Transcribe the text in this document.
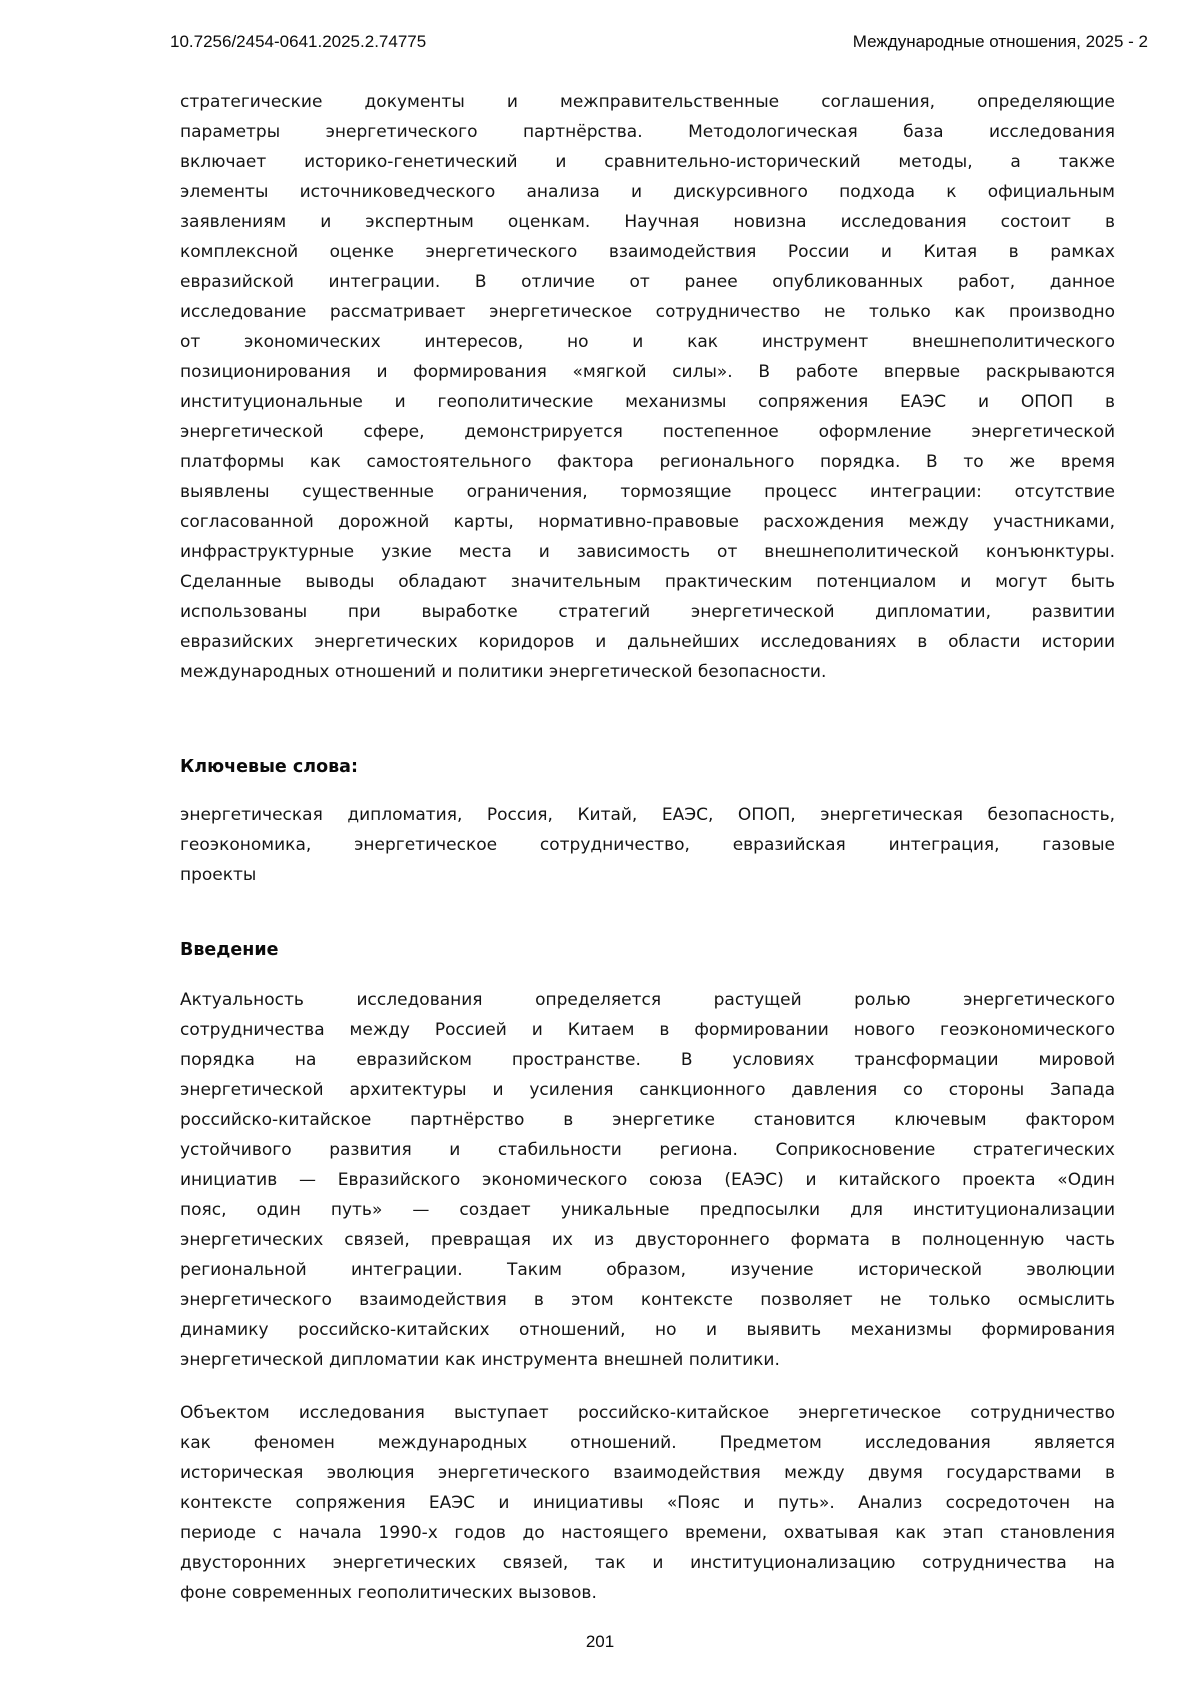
10.7256/2454-0641.2025.2.74775	Международные отношения, 2025 - 2
стратегические документы и межправительственные соглашения, определяющие
параметры энергетического партнёрства. Методологическая база исследования
включает историко-генетический и сравнительно-исторический методы, а также
элементы источниковедческого анализа и дискурсивного подхода к официальным
заявлениям и экспертным оценкам. Научная новизна исследования состоит в
комплексной оценке энергетического взаимодействия России и Китая в рамках
евразийской интеграции. В отличие от ранее опубликованных работ, данное
исследование рассматривает энергетическое сотрудничество не только как производно
от экономических интересов, но и как инструмент внешнеполитического
позиционирования и формирования «мягкой силы». В работе впервые раскрываются
институциональные и геополитические механизмы сопряжения ЕАЭС и ОПОП в
энергетической сфере, демонстрируется постепенное оформление энергетической
платформы как самостоятельного фактора регионального порядка. В то же время
выявлены существенные ограничения, тормозящие процесс интеграции: отсутствие
согласованной дорожной карты, нормативно-правовые расхождения между участниками,
инфраструктурные узкие места и зависимость от внешнеполитической конъюнктуры.
Сделанные выводы обладают значительным практическим потенциалом и могут быть
использованы при выработке стратегий энергетической дипломатии, развитии
евразийских энергетических коридоров и дальнейших исследованиях в области истории
международных отношений и политики энергетической безопасности.
Ключевые слова:
энергетическая дипломатия, Россия, Китай, ЕАЭС, ОПОП, энергетическая безопасность,
геоэкономика, энергетическое сотрудничество, евразийская интеграция, газовые
проекты
Введение
Актуальность исследования определяется растущей ролью энергетического
сотрудничества между Россией и Китаем в формировании нового геоэкономического
порядка на евразийском пространстве. В условиях трансформации мировой
энергетической архитектуры и усиления санкционного давления со стороны Запада
российско-китайское партнёрство в энергетике становится ключевым фактором
устойчивого развития и стабильности региона. Соприкосновение стратегических
инициатив — Евразийского экономического союза (ЕАЭС) и китайского проекта «Один
пояс, один путь» — создает уникальные предпосылки для институционализации
энергетических связей, превращая их из двустороннего формата в полноценную часть
региональной интеграции. Таким образом, изучение исторической эволюции
энергетического взаимодействия в этом контексте позволяет не только осмыслить
динамику российско-китайских отношений, но и выявить механизмы формирования
энергетической дипломатии как инструмента внешней политики.
Объектом исследования выступает российско-китайское энергетическое сотрудничество
как феномен международных отношений. Предметом исследования является
историческая эволюция энергетического взаимодействия между двумя государствами в
контексте сопряжения ЕАЭС и инициативы «Пояс и путь». Анализ сосредоточен на
периоде с начала 1990-х годов до настоящего времени, охватывая как этап становления
двусторонних энергетических связей, так и институционализацию сотрудничества на
фоне современных геополитических вызовов.
201
